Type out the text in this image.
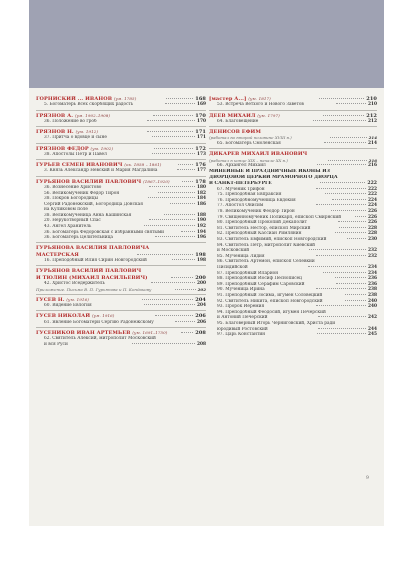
ГОРНИСКИЙ ... ИВАНОВ (ум. 1785)	168
5. Богоматерь Всех скорбящих радость	169
ГРЯЗНОВ А. (ум. 1902–1908)	170
36. Положение во гроб	170
ГРЯЗНОВ Н. (ум. 1912)	171
37. Притча о вдовце и сыне	171
ГРЯЗНОВ ФЕДОР (ум. 1902)	172
38. Апостолы Петр и Павел	173
ГУРЬЕВ СЕМЕН ИВАНОВИЧ (ок. 1858 – 1861)	176
3. Князь Александр Невский и Мария Магдалина	177
ГУРЬЯНОВ ВАСИЛИЙ ПАВЛОВИЧ (1867–1920)	178
36. Вознесение Христово	180
56. Великомученик Федор Тирон	182
38. Покров Богородицы	184
Сергий Радонежский, Богородица Донская	186
на Куликовом поле
38. Великомученица Анна Кашинская	188
20. Нерукотворный Спас	190
43. Ангел Хранитель	192
36. Богоматерь Федоровская с избранными святыми	194
36. Богоматерь Целительница	196
ГУРЬЯНОВА ВАСИЛИЯ ПАВЛОВИЧА
МАСТЕРСКАЯ	198
16. Преподобный Илия Сирин Новгородский	198
ГУРЬЯНОВ ВАСИЛИЙ ПАВЛОВИЧ
И ТЮЛИН (МИХАИЛ ВАСИЛЬЕВИЧ)	200
42. Христос Вседержитель	200
Приложение. Письма В. П. Гурьянова и П. Кондакову	202
ГУСЕВ Н. (ум. 1916)	204
60. Видение Евлогия	204
ГУСЕВ НИКОЛАЙ (ум. 1916)	206
61. Явление Богоматери Сергию Радонежскому	206
ГУСЕНИКОВ ИВАН АРТЕМЬЕВ (ум. 1691–1750)	208
62. Святитель Алексий, митрополит Московский
и вся Руси	208
[мастер А...] (ум. 1817)	210
53. Встреча Ветхого и Нового Заветов	210
ДЕЕВ МИХАИЛ (ум. 1797)	212
64. Благовещение	212
ДЕНИСОВ ЕФИМ
(работал во второй половине XVIII в.)	214
65. Богоматерь Смоленская	214
ДИКАРЕВ МИХАИЛ ИВАНОВИЧ
(работал в конце XIX – начале XX в.)	216
66. Архангел Михаил	216
МИНЕЙНЫЕ И ПРАЗДНИЧНЫЕ ИКОНЫ ИЗ
ДВОРЦОВОЙ ЦЕРКВИ МРАМОРНОГО ДВОРЦА
В САНКТ-ПЕТЕРБУРГЕ	222
67. Мученик Трифон	222
75. Преподобная Евпраксия	222
76. Преподобномученица Евдокия	224
77. Апостол Онисим	224
78. Великомученик Феодор Тирон	226
79. Священномученик Поликарп, епископ Смирнский	226
80. Преподобный Прокопий Декаполит	226
81. Святитель Нестор, епископ Мирский	228
82. Преподобный Кассиан Римлянин	228
83. Святитель Евфимий, епископ Новгородский	230
84. Святитель Петр, митрополит Киевский
и Московский	232
85. Мученица Лидия	232
86. Святитель Артемон, епископ Селевкии
Писидийской	234
87. Преподобный Иларион	234
88. Преподобный Иосиф Песнописец	236
89. Преподобный Серафим Саровский	236
90. Мученица Ирина	238
91. Преподобный Зосима, игумен Соловецкий	238
92. Святитель Никита, епископ Новгородский	240
93. Пророк Иеремия	240
94. Преподобный Феодосий, игумен Печерский
и Антоний Печерский	242
95. Благоверный Игорь Черниговский, Христа ради
юродивый Ростовский	244
97. Царь Константин	245
9
